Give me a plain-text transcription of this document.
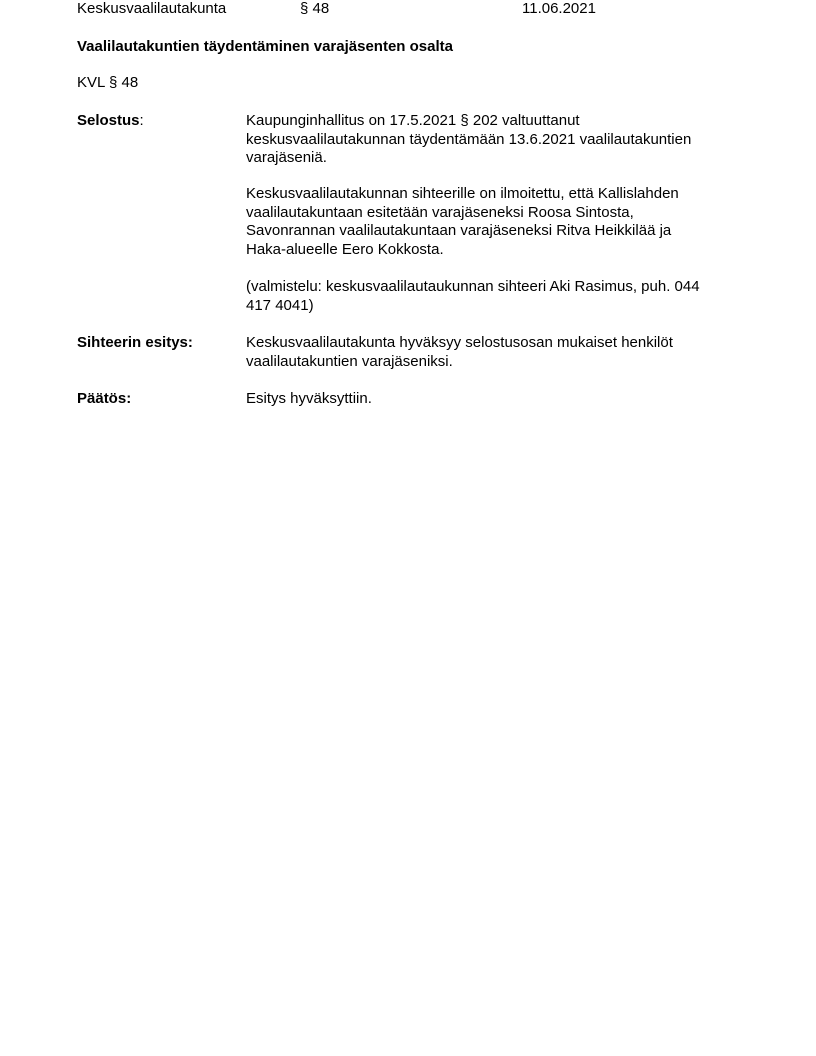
Keskusvaalilautakunta	§ 48	11.06.2021
Vaalilautakuntien täydentäminen varajäsenten osalta
KVL § 48
Selostus:	Kaupunginhallitus on 17.5.2021 § 202 valtuuttanut
keskusvaalilautakunnan täydentämään 13.6.2021 vaalilautakuntien
varajäseniä.
Keskusvaalilautakunnan sihteerille on ilmoitettu, että Kallislahden
vaalilautakuntaan esitetään varajäseneksi Roosa Sintosta,
Savonrannan vaalilautakuntaan varajäseneksi Ritva Heikkilää ja
Haka-alueelle Eero Kokkosta.
(valmistelu: keskusvaalilautaukunnan sihteeri Aki Rasimus, puh. 044
417 4041)
Sihteerin esitys:	Keskusvaalilautakunta hyväksyy selostusosan mukaiset henkilöt
vaalilautakuntien varajäseniksi.
Päätös:	Esitys hyväksyttiin.
